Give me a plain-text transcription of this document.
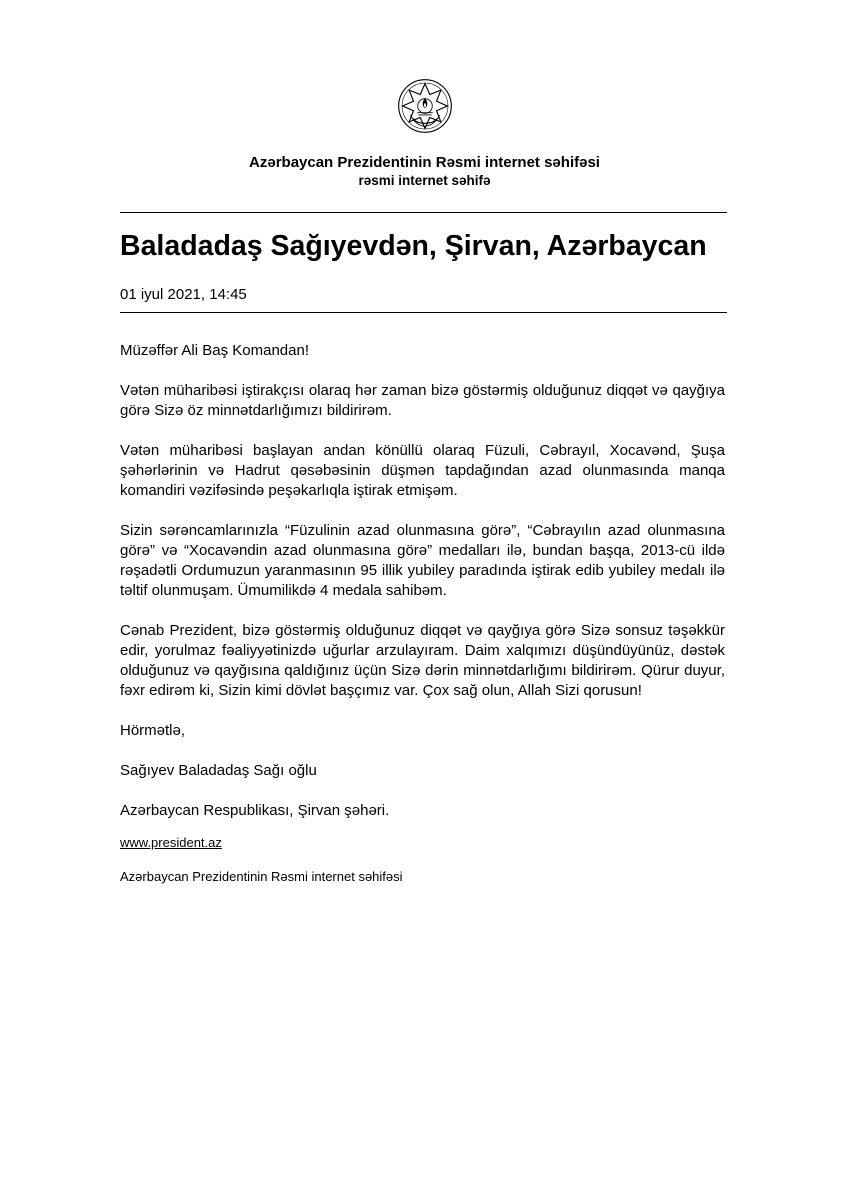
Azərbaycan Prezidentinin Rəsmi internet səhifəsi
rəsmi internet səhifə
Baladadaş Sağıyevdən, Şirvan, Azərbaycan
01 iyul 2021, 14:45

Müzəffər Ali Baş Komandan!

Vətən müharibəsi iştirakçısı olaraq hər zaman bizə göstərmiş olduğunuz diqqət və qayğıya görə Sizə öz minnətdarlığımızı bildirirəm.

Vətən müharibəsi başlayan andan könüllü olaraq Füzuli, Cəbrayıl, Xocavənd, Şuşa şəhərlərinin və Hadrut qəsəbəsinin düşmən tapdağından azad olunmasında manqa komandiri vəzifəsində peşəkarlıqla iştirak etmişəm.

Sizin sərəncamlarınızla “Füzulinin azad olunmasına görə”, “Cəbrayılın azad olunmasına görə” və “Xocavəndin azad olunmasına görə” medalları ilə, bundan başqa, 2013-cü ildə rəşadətli Ordumuzun yaranmasının 95 illik yubiley paradında iştirak edib yubiley medalı ilə təltif olunmuşam. Ümumilikdə 4 medala sahibəm.

Cənab Prezident, bizə göstərmiş olduğunuz diqqət və qayğıya görə Sizə sonsuz təşəkkür edir, yorulmaz fəaliyyətinizdə uğurlar arzulayıram. Daim xalqımızı düşündüyünüz, dəstək olduğunuz və qayğısına qaldığınız üçün Sizə dərin minnətdarlığımı bildirirəm. Qürur duyur, fəxr edirəm ki, Sizin kimi dövlət başçımız var. Çox sağ olun, Allah Sizi qorusun!

Hörmətlə,

Sağıyev Baladadaş Sağı oğlu

Azərbaycan Respublikası, Şirvan şəhəri.

www.president.az
Azərbaycan Prezidentinin Rəsmi internet səhifəsi
